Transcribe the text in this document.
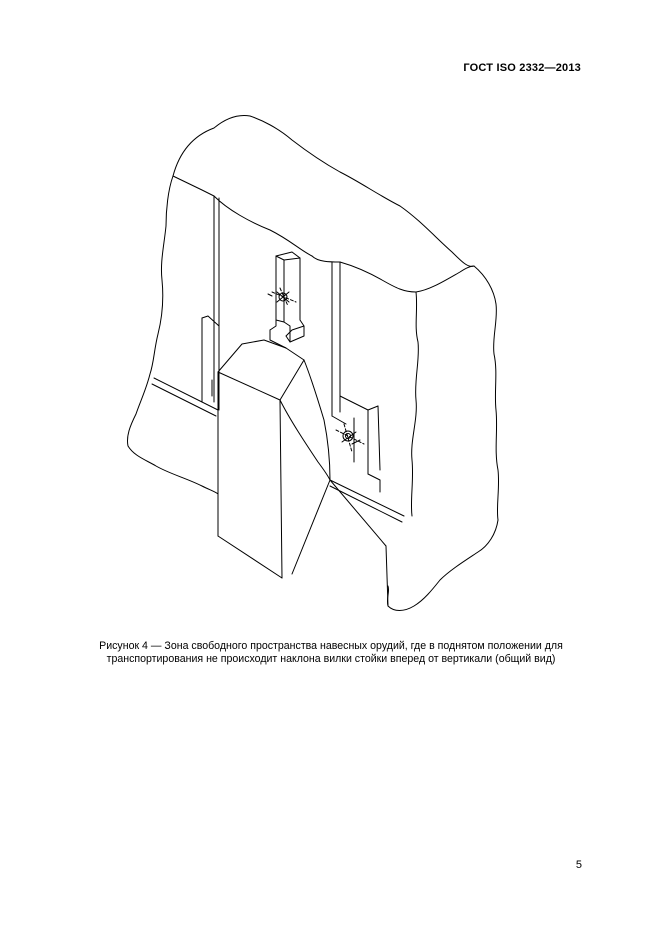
ГОСТ ISO 2332—2013
Рисунок 4 — Зона свободного пространства навесных орудий, где в поднятом положении для
транспортирования не происходит наклона вилки стойки вперед от вертикали (общий вид)
5
